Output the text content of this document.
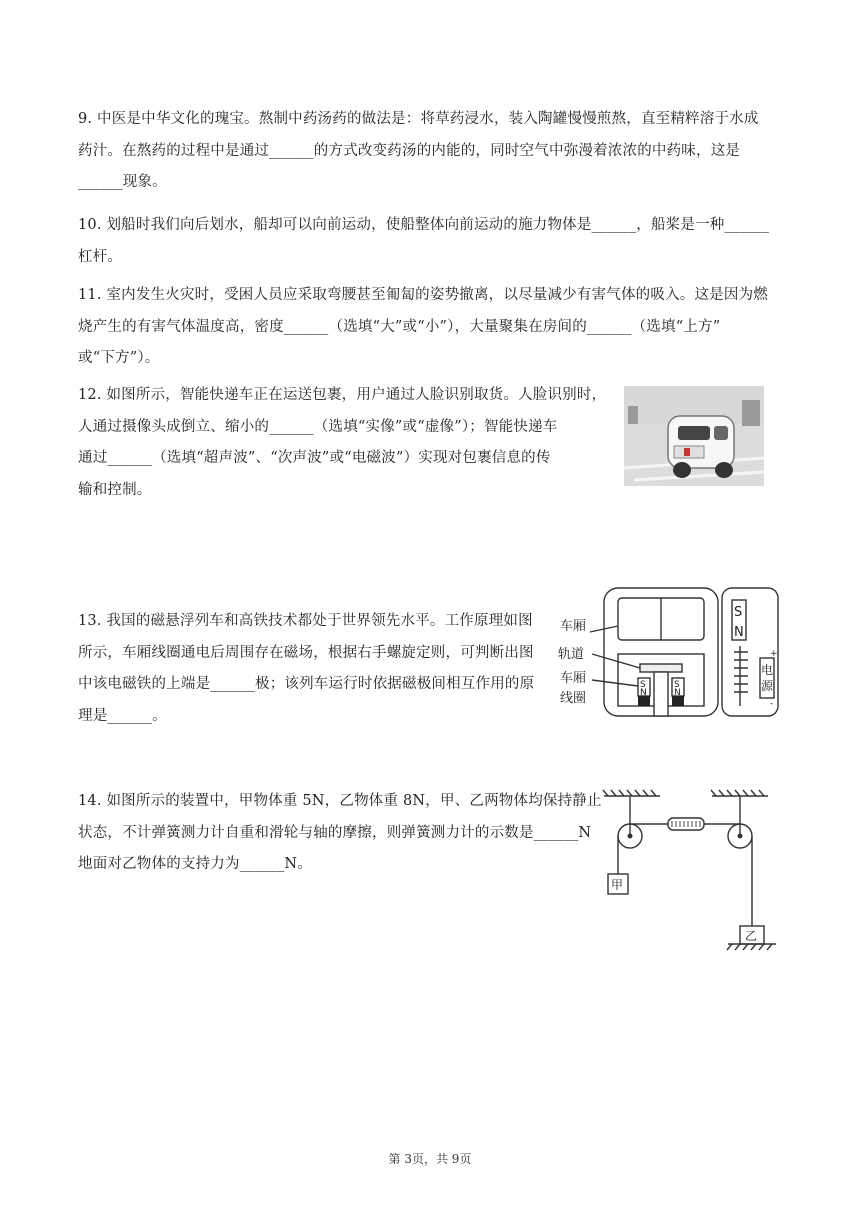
9. 中医是中华文化的瑰宝。熬制中药汤药的做法是：将草药浸水，装入陶罐慢慢煎熬，直至精粹溶于水成
药汁。在熬药的过程中是通过______的方式改变药汤的内能的，同时空气中弥漫着浓浓的中药味，这是
______现象。
10. 划船时我们向后划水，船却可以向前运动，使船整体向前运动的施力物体是______，船桨是一种______
杠杆。
11. 室内发生火灾时，受困人员应采取弯腰甚至匍匐的姿势撤离，以尽量减少有害气体的吸入。这是因为燃
烧产生的有害气体温度高，密度______（选填“大”或“小”），大量聚集在房间的______（选填“上方”
或“下方”）。
12. 如图所示，智能快递车正在运送包裹，用户通过人脸识别取货。人脸识别时，
人通过摄像头成倒立、缩小的______（选填“实像”或“虚像”）；智能快递车
通过______（选填“超声波”、“次声波”或“电磁波”）实现对包裹信息的传
输和控制。
13. 我国的磁悬浮列车和高铁技术都处于世界领先水平。工作原理如图
所示，车厢线圈通电后周围存在磁场，根据右手螺旋定则，可判断出图
中该电磁铁的上端是______极；该列车运行时依据磁极间相互作用的原
理是______。
车厢
轨道
车厢
线圈
S
N
S
N
S
N
电
源
+
-
14. 如图所示的装置中，甲物体重 5N，乙物体重 8N，甲、乙两物体均保持静止
状态，不计弹簧测力计自重和滑轮与轴的摩擦，则弹簧测力计的示数是______N
地面对乙物体的支持力为______N。
甲
乙
第 3页，共 9页
